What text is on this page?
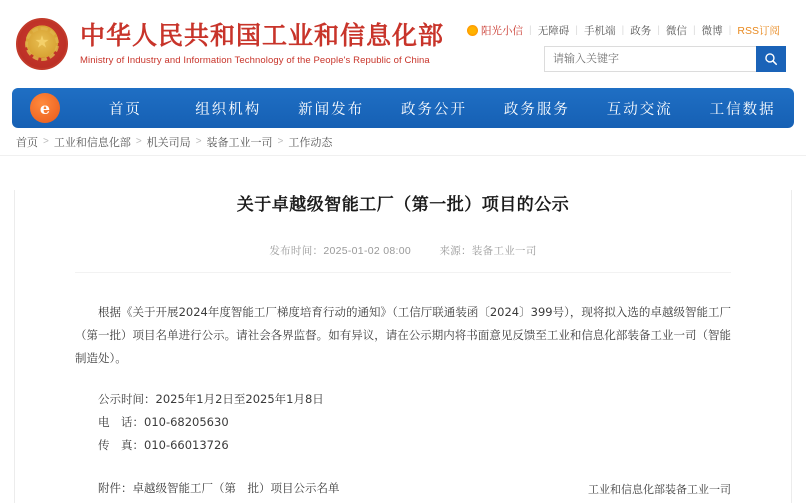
★ 中华人民共和国工业和信息化部
Ministry of Industry and Information Technology of the People's Republic of China
阳光小信 | 无障碍 | 手机端 | 政务 | 微信 | 微博 | RSS订阅
请输入关键字
e	首页	组织机构	新闻发布	政务公开	政务服务	互动交流	工信数据
首页 > 工业和信息化部 > 机关司局 > 装备工业一司 > 工作动态
关于卓越级智能工厂（第一批）项目的公示
发布时间：2025-01-02 08:00	来源：装备工业一司

根据《关于开展2024年度智能工厂梯度培育行动的通知》（工信厅联通装函〔2024〕399号），现将拟入选的卓越级智能工厂（第一批）项目名单进行公示。请社会各界监督。如有异议，请在公示期内将书面意见反馈至工业和信息化部装备工业一司（智能制造处）。

公示时间：2025年1月2日至2025年1月8日
电　话：010-68205630
传　真：010-66013726
附件：卓越级智能工厂（第　批）项目公示名单	工业和信息化部装备工业一司
